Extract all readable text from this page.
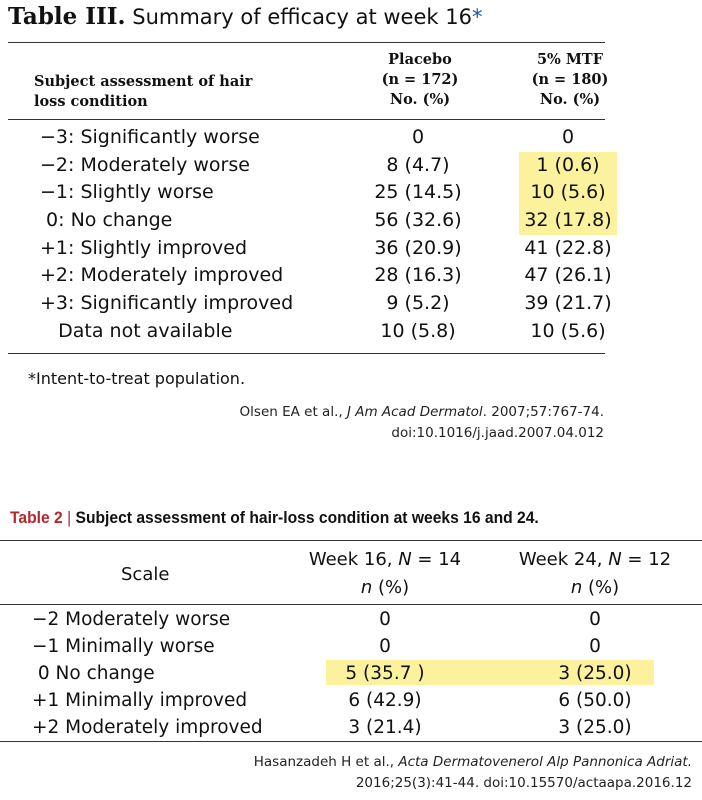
Table III. Summary of efficacy at week 16*
Subject assessment of hair
loss condition
Placebo
(n = 172)
No. (%)
5% MTF
(n = 180)
No. (%)
−3: Significantly worse	0	0
−2: Moderately worse	8 (4.7)	1 (0.6)
−1: Slightly worse	25 (14.5)	10 (5.6)
0: No change	56 (32.6)	32 (17.8)
+1: Slightly improved	36 (20.9)	41 (22.8)
+2: Moderately improved	28 (16.3)	47 (26.1)
+3: Significantly improved	9 (5.2)	39 (21.7)
Data not available	10 (5.8)	10 (5.6)
*Intent-to-treat population.
Olsen EA et al., J Am Acad Dermatol. 2007;57:767-74.
doi:10.1016/j.jaad.2007.04.012
Table 2 | Subject assessment of hair-loss condition at weeks 16 and 24.
Scale
Week 16, N = 14
n (%)
Week 24, N = 12
n (%)
−2 Moderately worse	0	0
−1 Minimally worse	0	0
0 No change	5 (35.7 )	3 (25.0)
+1 Minimally improved	6 (42.9)	6 (50.0)
+2 Moderately improved	3 (21.4)	3 (25.0)
Hasanzadeh H et al., Acta Dermatovenerol Alp Pannonica Adriat.
2016;25(3):41-44. doi:10.15570/actaapa.2016.12
